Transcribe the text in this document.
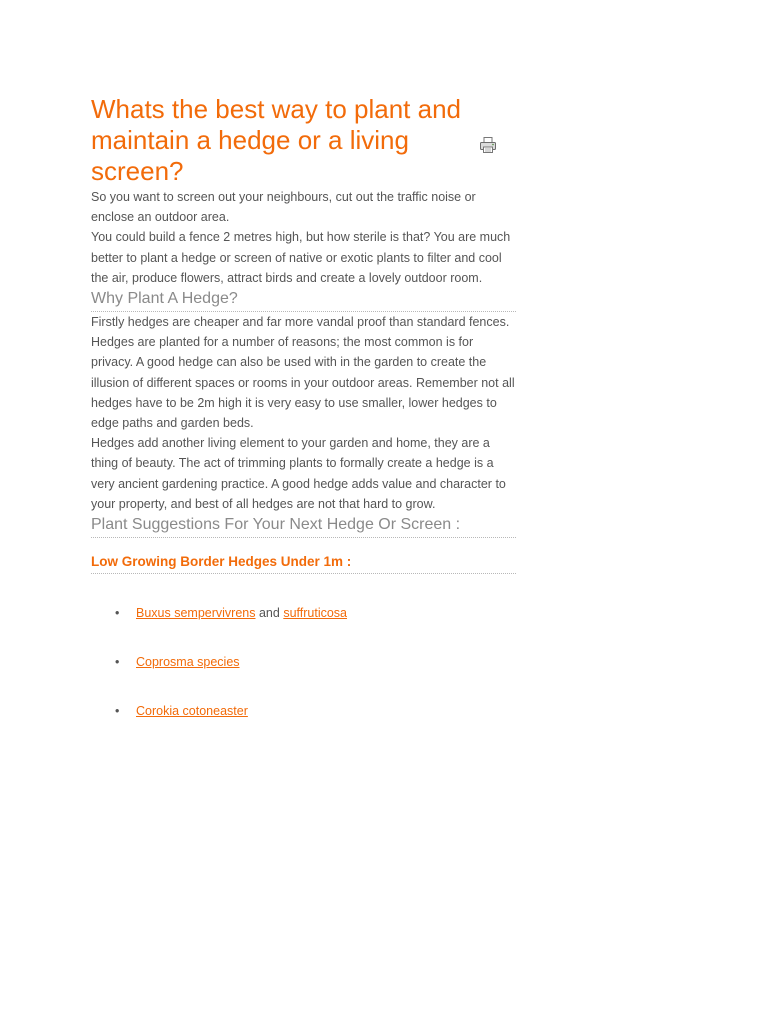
Whats the best way to plant and maintain a hedge or a living screen?

So you want to screen out your neighbours, cut out the traffic noise or enclose an outdoor area.

You could build a fence 2 metres high, but how sterile is that? You are much better to plant a hedge or screen of native or exotic plants to filter and cool the air, produce flowers, attract birds and create a lovely outdoor room.

Why Plant A Hedge?

Firstly hedges are cheaper and far more vandal proof than standard fences. Hedges are planted for a number of reasons; the most common is for privacy. A good hedge can also be used with in the garden to create the illusion of different spaces or rooms in your outdoor areas. Remember not all hedges have to be 2m high it is very easy to use smaller, lower hedges to edge paths and garden beds.

Hedges add another living element to your garden and home, they are a thing of beauty. The act of trimming plants to formally create a hedge is a very ancient gardening practice. A good hedge adds value and character to your property, and best of all hedges are not that hard to grow.

Plant Suggestions For Your Next Hedge Or Screen :
Low Growing Border Hedges Under 1m :
• Buxus sempervivrens and suffruticosa
• Coprosma species
• Corokia cotoneaster
